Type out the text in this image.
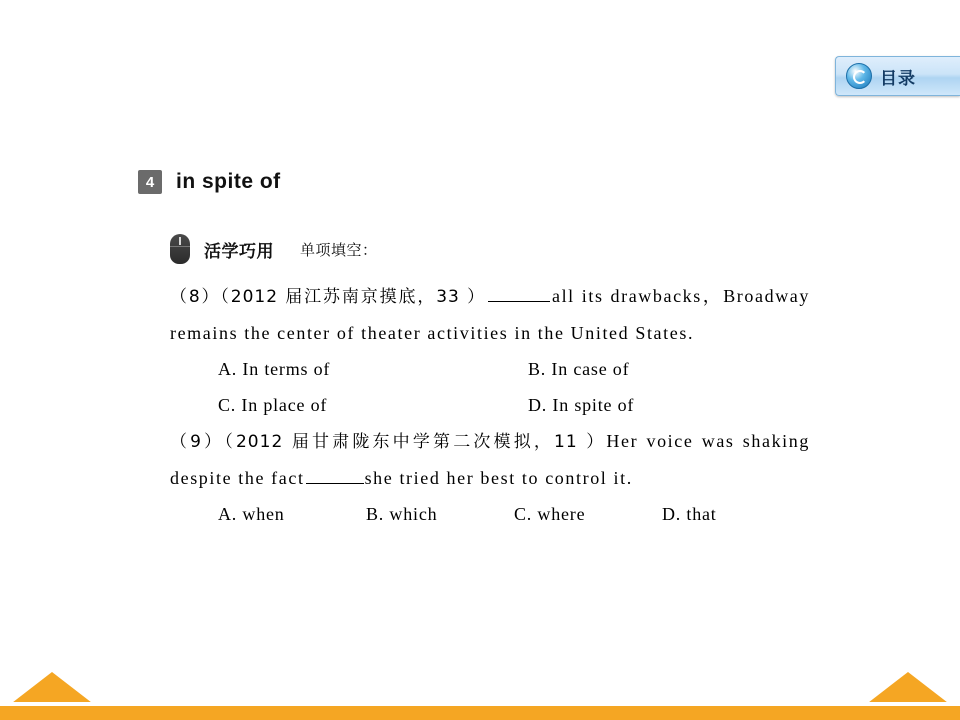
目录
4	in spite of
活学巧用 单项填空：
（8）（2012 届江苏南京摸底，33 ）	all its drawbacks，Broadway remains the center of theater activities in the United States.
A. In terms of	B. In case of
C. In place of	D. In spite of
（9）（2012 届甘肃陇东中学第二次模拟，11 ）Her voice was shaking despite the fact	she tried her best to control it.
A. when	B. which	C. where	D. that
